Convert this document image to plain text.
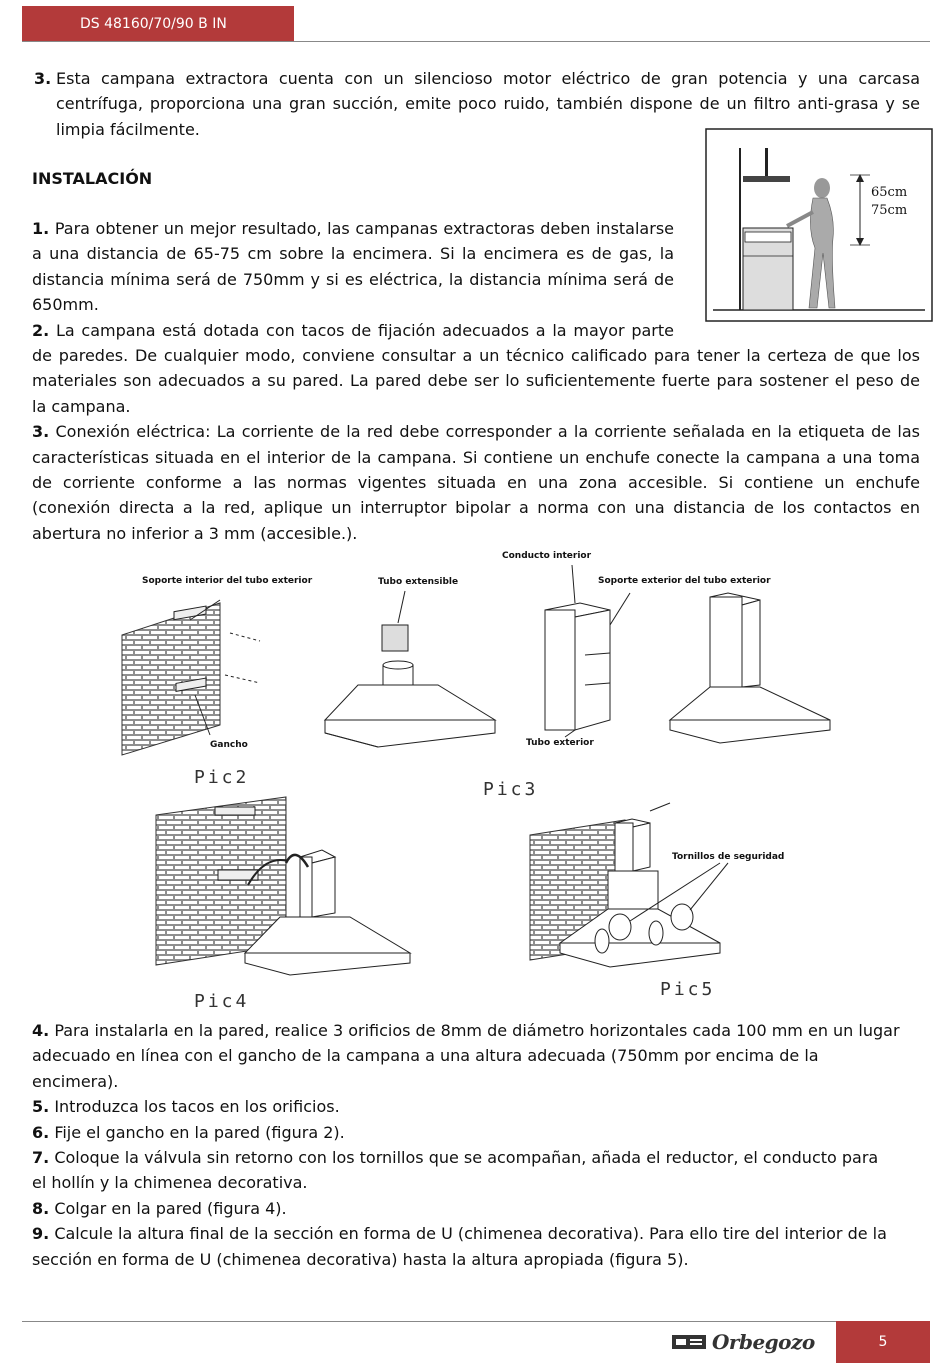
DS 48160/70/90 B IN
3. Esta campana extractora cuenta con un silencioso motor eléctrico de gran potencia y una carcasa
centrífuga, proporciona una gran succión, emite poco ruido, también dispone de un filtro anti-grasa y se
limpia fácilmente.
INSTALACIÓN
65cm
75cm
1. Para obtener un mejor resultado, las campanas extractoras deben instalarse
a una distancia de 65-75 cm sobre la encimera. Si la encimera es de gas, la
distancia mínima será de 750mm y si es eléctrica, la distancia mínima será de
650mm.
2. La campana está dotada con tacos de fijación adecuados a la mayor parte
de paredes. De cualquier modo, conviene consultar a un técnico calificado para tener la certeza de que los
materiales son adecuados a su pared. La pared debe ser lo suficientemente fuerte para sostener el peso de
la campana.
3. Conexión eléctrica: La corriente de la red debe corresponder a la corriente señalada en la etiqueta de las
características situada en el interior de la campana. Si contiene un enchufe conecte la campana a una toma
de corriente conforme a las normas vigentes situada en una zona accesible. Si contiene un enchufe
(conexión directa a la red, aplique un interruptor bipolar a norma con una distancia de los contactos en
abertura no inferior a 3 mm (accesible.).
Soporte interior del tubo exterior
Gancho
Tubo extensible
Conducto interior
Tubo exterior
Soporte exterior del tubo exterior
Pic2
Pic3
Pic4
Tornillos de seguridad
Pic5
4. Para instalarla en la pared, realice 3 orificios de 8mm de diámetro horizontales cada 100 mm en un lugar
adecuado en línea con el gancho de la campana a una altura adecuada (750mm por encima de la
encimera).
5. Introduzca los tacos en los orificios.
6. Fije el gancho en la pared (figura 2).
7. Coloque la válvula sin retorno con los tornillos que se acompañan, añada el reductor, el conducto para
el hollín y la chimenea decorativa.
8. Colgar en la pared (figura 4).
9. Calcule la altura final de la sección en forma de U (chimenea decorativa). Para ello tire del interior de la
sección en forma de U (chimenea decorativa) hasta la altura apropiada (figura 5).
Orbegozo	5
